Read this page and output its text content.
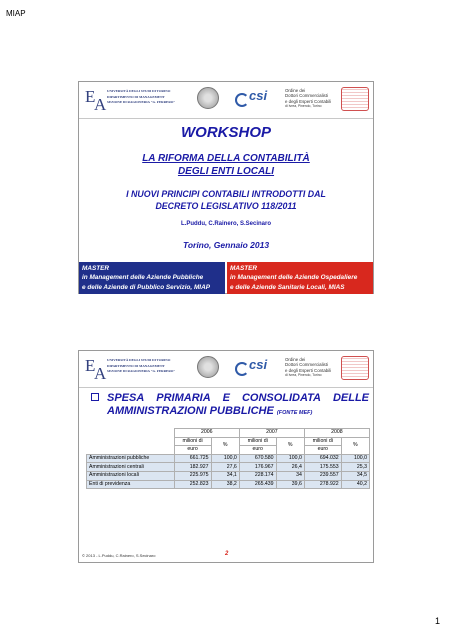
MIAP
E
A
UNIVERSITÀ DEGLI STUDI DI TORINO
DIPARTIMENTO DI MANAGEMENT
SEZIONE DI RAGIONERIA "G. FERRERO"	csi	Ordine dei
Dottori Commercialisti
e degli Esperti Contabili
di Ivrea, Pinerolo, Torino
WORKSHOP
LA RIFORMA DELLA CONTABILITÀ
DEGLI ENTI LOCALI
I NUOVI PRINCIPI CONTABILI INTRODOTTI DAL
DECRETO LEGISLATIVO 118/2011
L.Puddu, C.Rainero, S.Secinaro
Torino, Gennaio 2013
MASTER
in Management delle Aziende Pubbliche
e delle Aziende di Pubblico Servizio, MIAP
MASTER
in Management delle Aziende Ospedaliere
e delle Aziende Sanitarie Locali, MIAS
E
A
UNIVERSITÀ DEGLI STUDI DI TORINO
DIPARTIMENTO DI MANAGEMENT
SEZIONE DI RAGIONERIA "G. FERRERO"	csi	Ordine dei
Dottori Commercialisti
e degli Esperti Contabili
di Ivrea, Pinerolo, Torino
SPESA PRIMARIA E CONSOLIDATA DELLE
AMMINISTRAZIONI PUBBLICHE (FONTE MEF)
	2006		2007		2008	
	milioni di	%	milioni di	%	milioni di	%
	euro		euro		euro	
Amministrazioni pubbliche	661.725	100,0	670.580	100,0	694.032	100,0
Amministrazioni centrali	182.927	27,6	176.967	26,4	175.553	25,3
Amministrazioni locali	225.975	34,1	228.174	34	239.557	34,5
Enti di previdenza	252.823	38,2	265.439	39,6	278.922	40,2
© 2013 - L.Puddu, C.Rainero, S.Secinaro	2
1
